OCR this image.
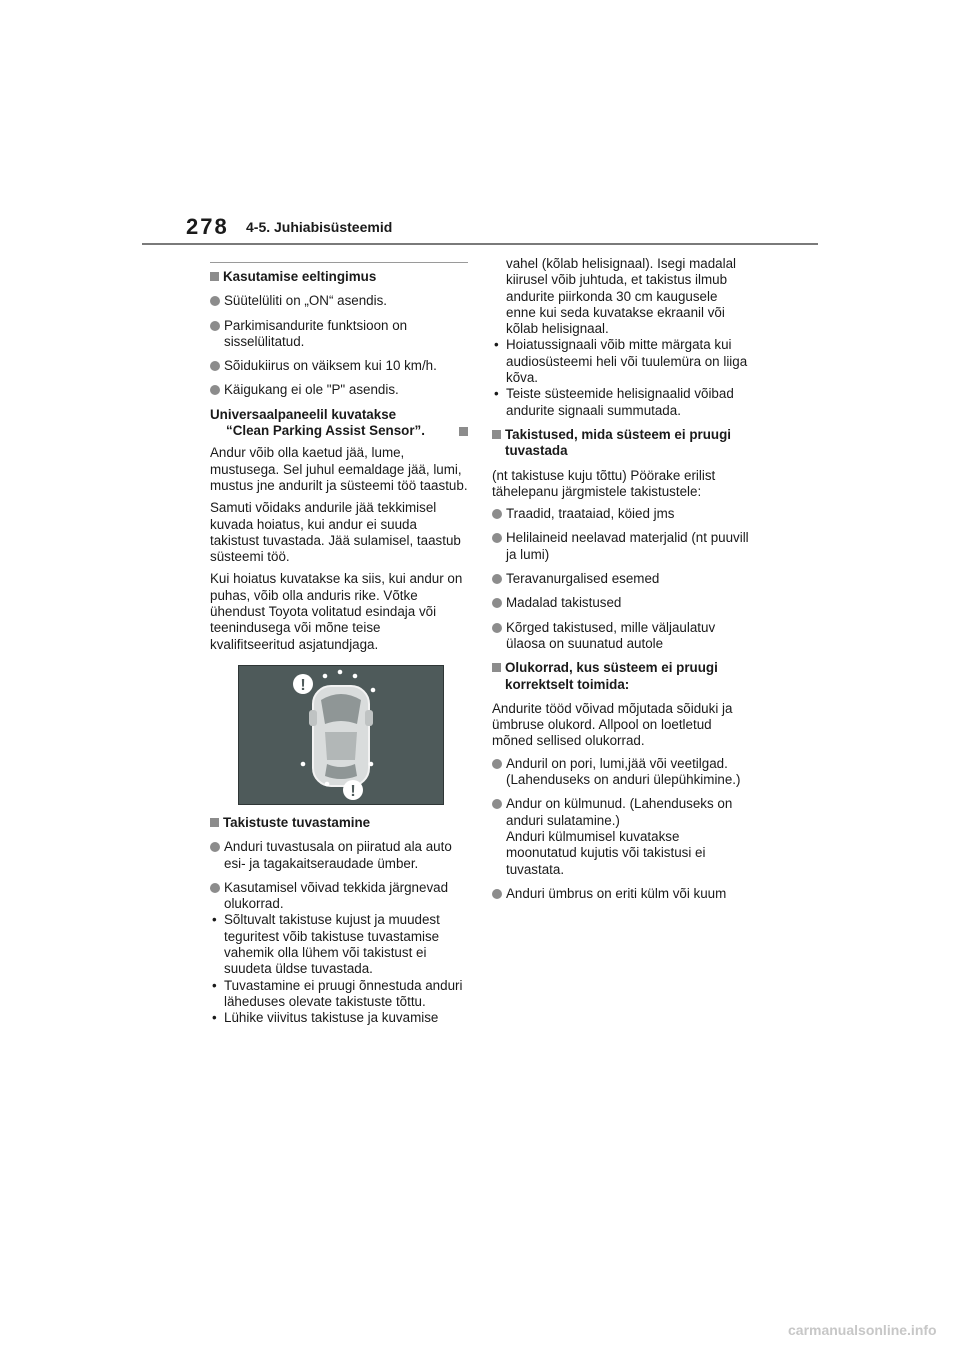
278 4-5. Juhiabisüsteemid
Kasutamise eeltingimus
Süütelüliti on „ON“ asendis.
Parkimisandurite funktsioon on sisselülitatud.
Sõidukiirus on väiksem kui 10 km/h.
Käigukang ei ole "P" asendis.
Universaalpaneelil kuvatakse
“Clean Parking Assist Sensor”.

Andur võib olla kaetud jää, lume, mustusega. Sel juhul eemaldage jää, lumi, mustus jne andurilt ja süsteemi töö taastub.

Samuti võidaks andurile jää tekkimisel kuvada hoiatus, kui andur ei suuda takistust tuvastada. Jää sulamisel, taastub süsteemi töö.

Kui hoiatus kuvatakse ka siis, kui andur on puhas, võib olla anduris rike. Võtke ühendust Toyota volitatud esindaja või teenindusega või mõne teise kvalifitseeritud asjatundjaga.

!
!
Takistuste tuvastamine
Anduri tuvastusala on piiratud ala auto esi- ja tagakaitseraudade ümber.
Kasutamisel võivad tekkida järgnevad olukorrad.
• Sõltuvalt takistuse kujust ja muudest teguritest võib takistuse tuvastamise vahemik olla lühem või takistust ei suudeta üldse tuvastada.
• Tuvastamine ei pruugi õnnestuda anduri läheduses olevate takistuste tõttu.
• Lühike viivitus takistuse ja kuvamise

vahel (kõlab helisignaal). Isegi madalal kiirusel võib juhtuda, et takistus ilmub andurite piirkonda 30 cm kaugusele enne kui seda kuvatakse ekraanil või kõlab helisignaal.

• Hoiatussignaali võib mitte märgata kui audiosüsteemi heli või tuulemüra on liiga kõva.
• Teiste süsteemide helisignaalid võibad andurite signaali summutada.
Takistused, mida süsteem ei pruugi tuvastada

(nt takistuse kuju tõttu) Pöörake erilist tähelepanu järgmistele takistustele:

Traadid, traataiad, köied jms
Helilaineid neelavad materjalid (nt puuvill ja lumi)
Teravanurgalised esemed
Madalad takistused
Kõrged takistused, mille väljaulatuv ülaosa on suunatud autole
Olukorrad, kus süsteem ei pruugi korrektselt toimida:

Andurite tööd võivad mõjutada sõiduki ja ümbruse olukord. Allpool on loetletud mõned sellised olukorrad.

Anduril on pori, lumi,jää või veetilgad. (Lahenduseks on anduri ülepühkimine.)
Andur on külmunud. (Lahenduseks on anduri sulatamine.)
Anduri külmumisel kuvatakse moonutatud kujutis või takistusi ei tuvastata.
Anduri ümbrus on eriti külm või kuum
carmanualsonline.info
